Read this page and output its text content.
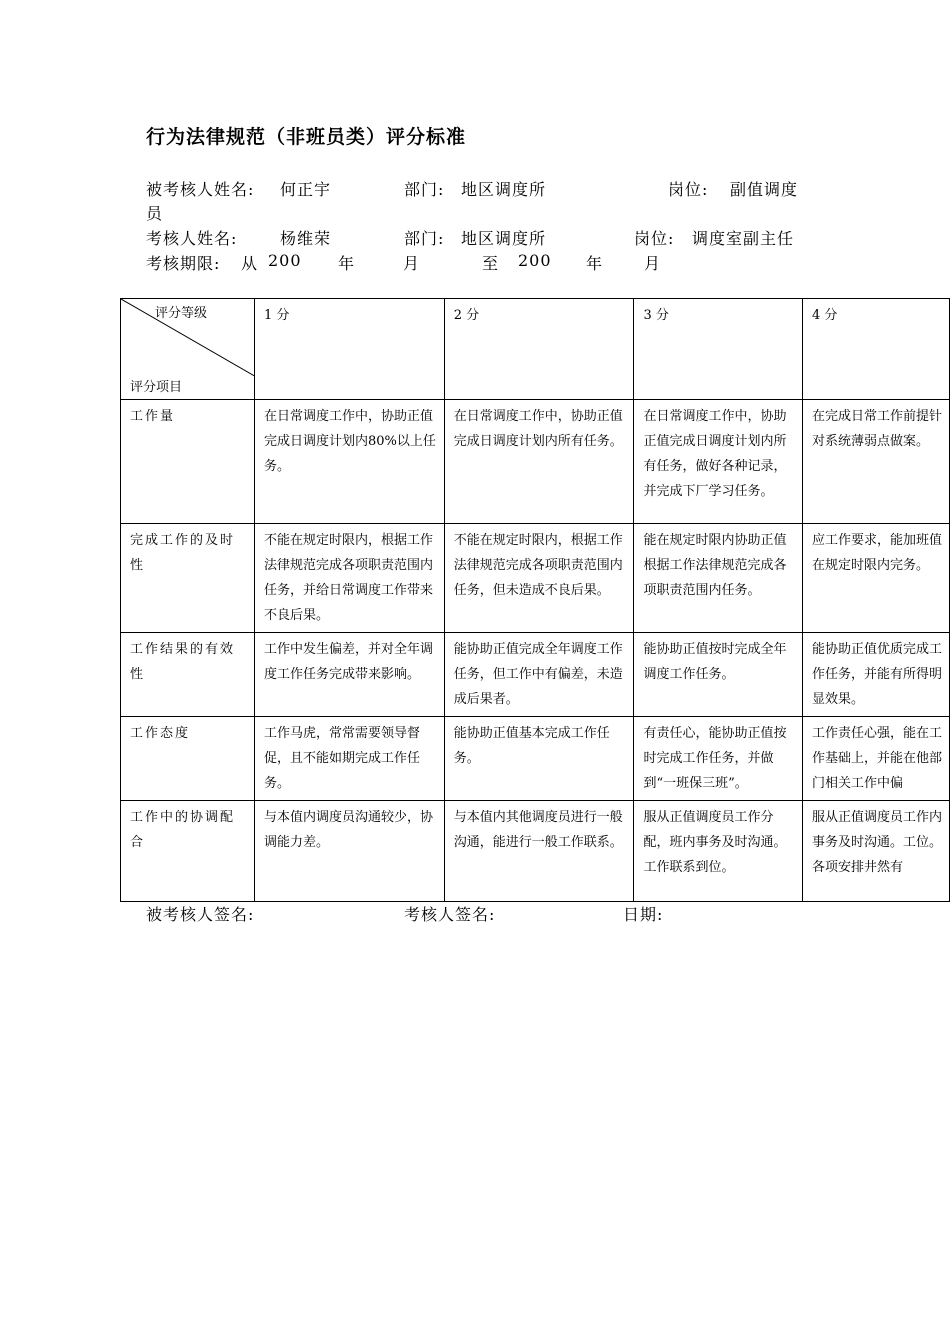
行为法律规范（非班员类）评分标准
被考核人姓名: 何正宇	部门: 地区调度所	岗位: 副值调度
员
考核人姓名:	杨维荣	部门: 地区调度所	岗位: 调度室副主任
考核期限: 从 200 年	月	至 200 年	月
评分等级
评分项目	1 分	2 分	3 分	4 分
工作量	在日常调度工作中，协助正值完成日调度计划内80%以上任务。	在日常调度工作中，协助正值完成日调度计划内所有任务。	在日常调度工作中，协助正值完成日调度计划内所有任务，做好各种记录，并完成下厂学习任务。	在完成日常工作前提针对系统薄弱点做案。
完成工作的及时性	不能在规定时限内，根据工作法律规范完成各项职责范围内任务，并给日常调度工作带来不良后果。	不能在规定时限内，根据工作法律规范完成各项职责范围内任务，但未造成不良后果。	能在规定时限内协助正值根据工作法律规范完成各项职责范围内任务。	应工作要求，能加班值在规定时限内完务。
工作结果的有效性	工作中发生偏差，并对全年调度工作任务完成带来影响。	能协助正值完成全年调度工作任务，但工作中有偏差，未造成后果者。	能协助正值按时完成全年调度工作任务。	能协助正值优质完成工作任务，并能有所得明显效果。
工作态度	工作马虎，常常需要领导督促，且不能如期完成工作任务。	能协助正值基本完成工作任务。	有责任心，能协助正值按时完成工作任务，并做到“一班保三班”。	工作责任心强，能在工作基础上，并能在他部门相关工作中偏
工作中的协调配合	与本值内调度员沟通较少，协调能力差。	与本值内其他调度员进行一般沟通，能进行一般工作联系。	服从正值调度员工作分配，班内事务及时沟通。工作联系到位。	服从正值调度员工作内事务及时沟通。工位。各项安排井然有
被考核人签名:	考核人签名:	日期:
